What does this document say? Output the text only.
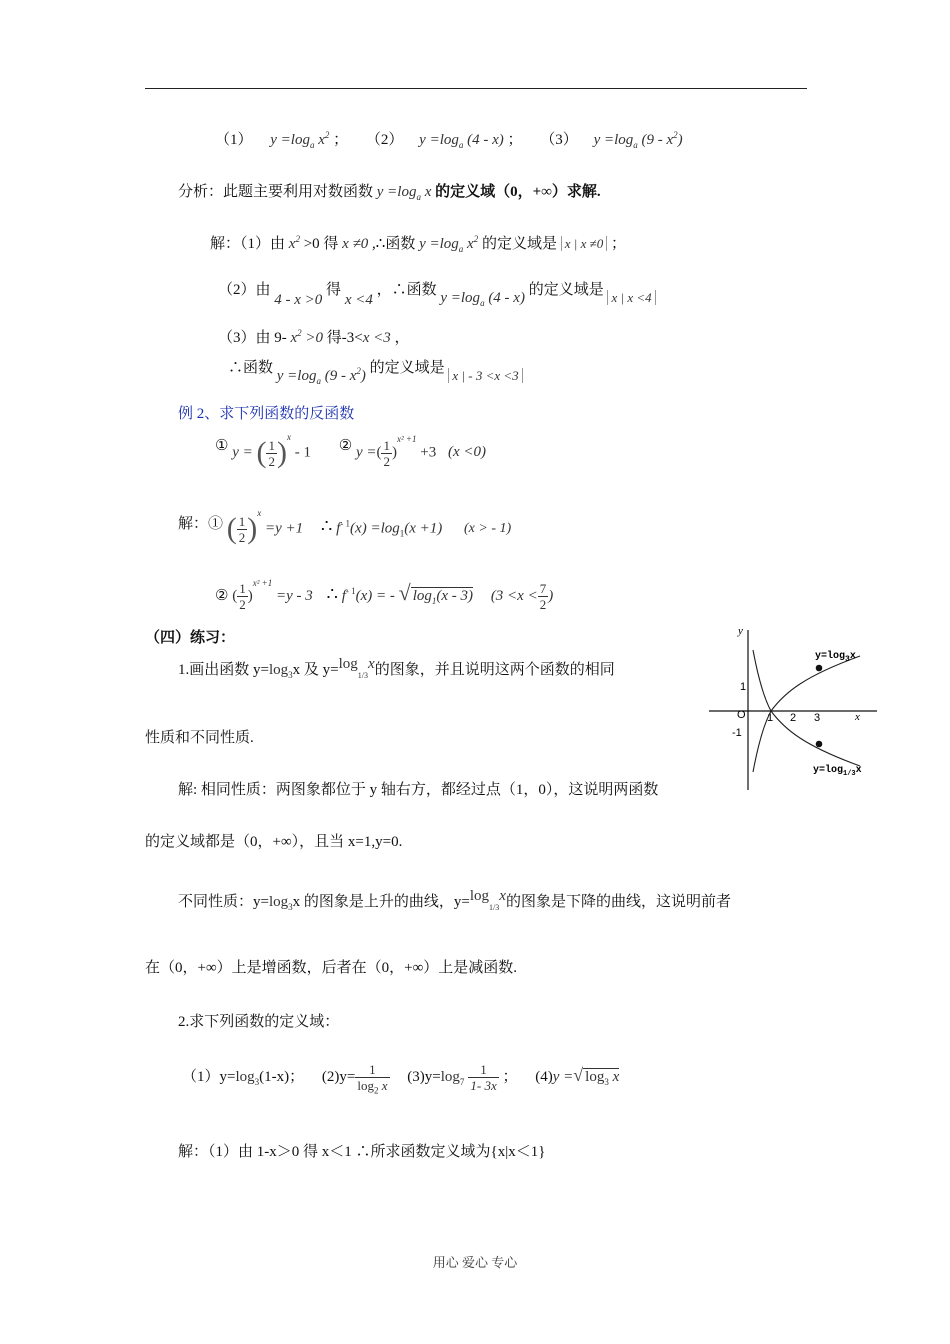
（1） $y =\log_a$ $x^2$ ； （2） $y =\log_a$ (4 - x) ； （3） $y =\log_a$ $(9 - x^2)$
分析：此题主要利用对数函数 $y =\log_a$ x 的定义域（0，+∞）求解.
解：（1）由 $x^2 >0$ 得 x ≠0 ,∴函数 $y =\log_a$ $x^2$ 的定义域是 x | x ≠0 ；
（2）由 4 - x >0 得 x <4 ，∴函数 $y =\log_a$ (4 - x) 的定义域是 x | x <4
（3）由 9- $x^2 >0$ 得-3<x <3 ，
∴函数 $y =\log_a$ $(9 - x^2)$ 的定义域是 x | - 3 <x <3
例 2、求下列函数的反函数
① y = ( $\frac{1}{2} )^x - 1$ ② y =( $\frac{1}{2} )^{x^2 +1} +3$ (x <0)
解：① ( $\frac{1}{2} )^x =y +1$ ∴ $f^{- 1}(x) =\log_1(x +1) (x$ > - 1)
② ( $\frac{1}{2} )^{x^2 +1} =y - 3$ ∴ $f^{- 1}(x)$ = - √ $\log_1(x - 3)$ ($3 <x < \frac{7}{2}$ )
（四）练习：
1.画出函数 $y=\log_3x$ 及 $y=\log_{1/3}x$的图象，并且说明这两个函数的相同
性质和不同性质.
y
x
O 1 2 3
1
-1
$y=\log_3x$
$y=\log_{1/3}x$
解: 相同性质：两图象都位于 y 轴右方，都经过点（1，0），这说明两函数
的定义域都是（0，+∞），且当 x=1,y=0.
不同性质：$y=\log_3x$ 的图象是上升的曲线，$y=\log_{1/3}x$的图象是下降的曲线，这说明前者
在（0，+∞）上是增函数，后者在（0，+∞）上是减函数.
2.求下列函数的定义域：
$(1)y=\log_3(1-x)$； $(2)y= \frac{1}{\log_2 x} (3)y=\log_7 \frac{1}{1- 3x}$ ； (4)y =√ $\log_3 x$
解：（1）由 1-x＞0 得 x＜1 ∴所求函数定义域为{x|x＜1}
用心 爱心 专心
